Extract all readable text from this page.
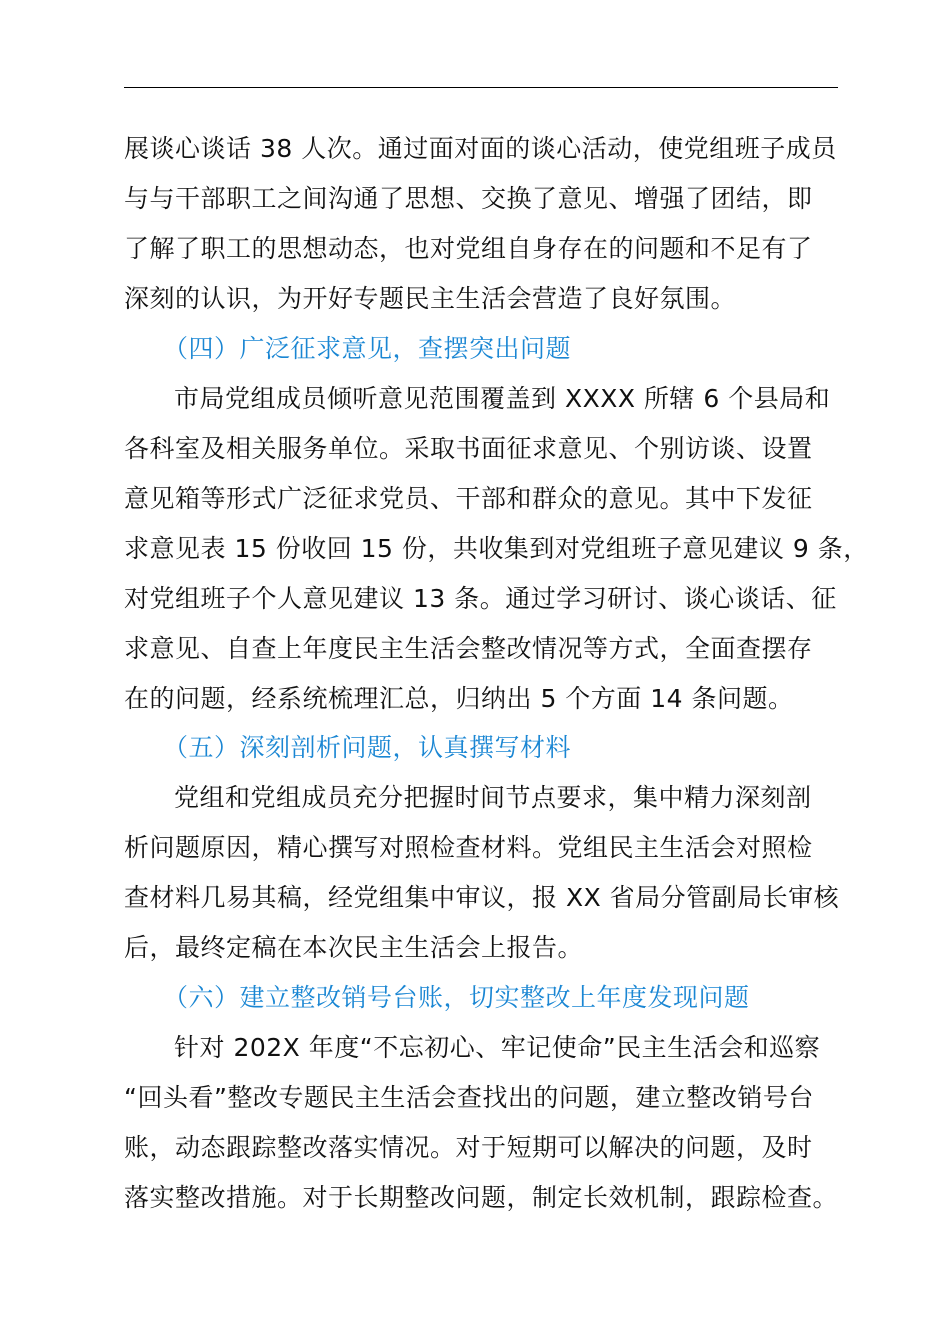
展谈心谈话 38 人次。通过面对面的谈心活动，使党组班子成员
与与干部职工之间沟通了思想、交换了意见、增强了团结，即
了解了职工的思想动态，也对党组自身存在的问题和不足有了
深刻的认识，为开好专题民主生活会营造了良好氛围。
（四）广泛征求意见，查摆突出问题
市局党组成员倾听意见范围覆盖到 XXXX 所辖 6 个县局和
各科室及相关服务单位。采取书面征求意见、个别访谈、设置
意见箱等形式广泛征求党员、干部和群众的意见。其中下发征
求意见表 15 份收回 15 份，共收集到对党组班子意见建议 9 条，
对党组班子个人意见建议 13 条。通过学习研讨、谈心谈话、征
求意见、自查上年度民主生活会整改情况等方式，全面查摆存
在的问题，经系统梳理汇总，归纳出 5 个方面 14 条问题。
（五）深刻剖析问题，认真撰写材料
党组和党组成员充分把握时间节点要求，集中精力深刻剖
析问题原因，精心撰写对照检查材料。党组民主生活会对照检
查材料几易其稿，经党组集中审议，报 XX 省局分管副局长审核
后，最终定稿在本次民主生活会上报告。
（六）建立整改销号台账，切实整改上年度发现问题
针对 202X 年度“不忘初心、牢记使命”民主生活会和巡察
“回头看”整改专题民主生活会查找出的问题，建立整改销号台
账，动态跟踪整改落实情况。对于短期可以解决的问题，及时
落实整改措施。对于长期整改问题，制定长效机制，跟踪检查。
